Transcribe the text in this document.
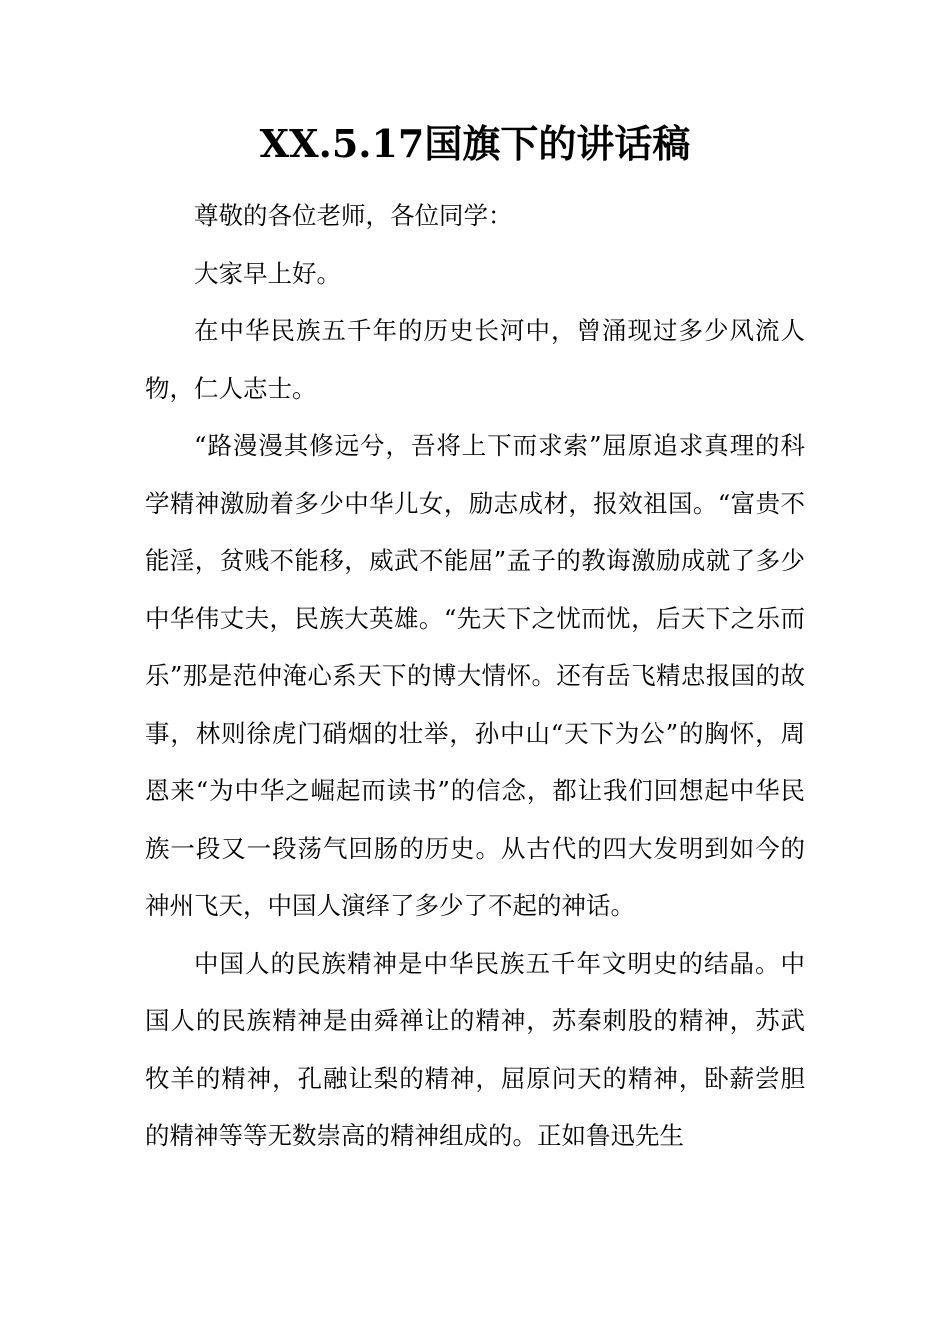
XX.5.17国旗下的讲话稿

尊敬的各位老师，各位同学：

大家早上好。

在中华民族五千年的历史长河中，曾涌现过多少风流人物，仁人志士。

“路漫漫其修远兮，吾将上下而求索”屈原追求真理的科学精神激励着多少中华儿女，励志成材，报效祖国。“富贵不能淫，贫贱不能移，威武不能屈”孟子的教诲激励成就了多少中华伟丈夫，民族大英雄。“先天下之忧而忧，后天下之乐而乐”那是范仲淹心系天下的博大情怀。还有岳飞精忠报国的故事，林则徐虎门硝烟的壮举，孙中山“天下为公”的胸怀，周恩来“为中华之崛起而读书”的信念，都让我们回想起中华民族一段又一段荡气回肠的历史。从古代的四大发明到如今的神州飞天，中国人演绎了多少了不起的神话。

中国人的民族精神是中华民族五千年文明史的结晶。中国人的民族精神是由舜禅让的精神，苏秦刺股的精神，苏武牧羊的精神，孔融让梨的精神，屈原问天的精神，卧薪尝胆的精神等等无数崇高的精神组成的。正如鲁迅先生
